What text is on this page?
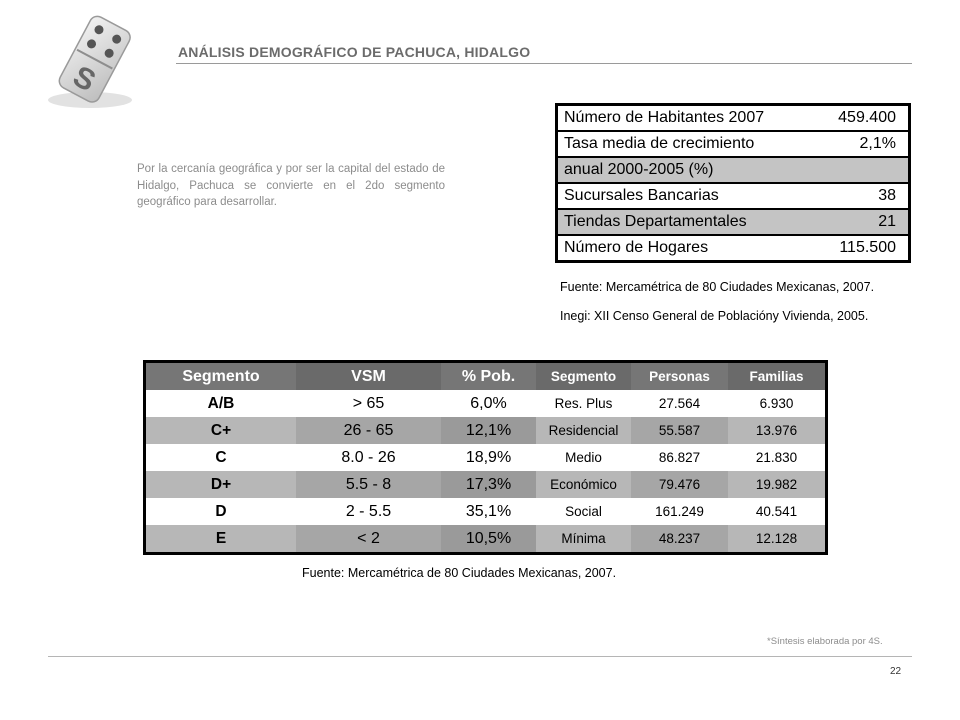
S
ANÁLISIS DEMOGRÁFICO DE PACHUCA, HIDALGO
Por la cercanía geográfica y por ser la capital del estado de Hidalgo, Pachuca se convierte en el 2do segmento geográfico para desarrollar.
Número de Habitantes 2007	459.400
Tasa media de crecimiento	2,1%
anual 2000-2005 (%)	
Sucursales Bancarias	38
Tiendas Departamentales	21
Número de Hogares	115.500
Fuente: Mercamétrica de 80 Ciudades Mexicanas, 2007.
Inegi: XII Censo General de Poblacióny Vivienda, 2005.
Segmento	VSM	% Pob.	Segmento	Personas	Familias
A/B	> 65	6,0%	Res. Plus	27.564	6.930
C+	26 - 65	12,1%	Residencial	55.587	13.976
C	8.0 - 26	18,9%	Medio	86.827	21.830
D+	5.5 - 8	17,3%	Económico	79.476	19.982
D	2 - 5.5	35,1%	Social	161.249	40.541
E	< 2	10,5%	Mínima	48.237	12.128
Fuente: Mercamétrica de 80 Ciudades Mexicanas, 2007.
*Síntesis elaborada por 4S.
22
